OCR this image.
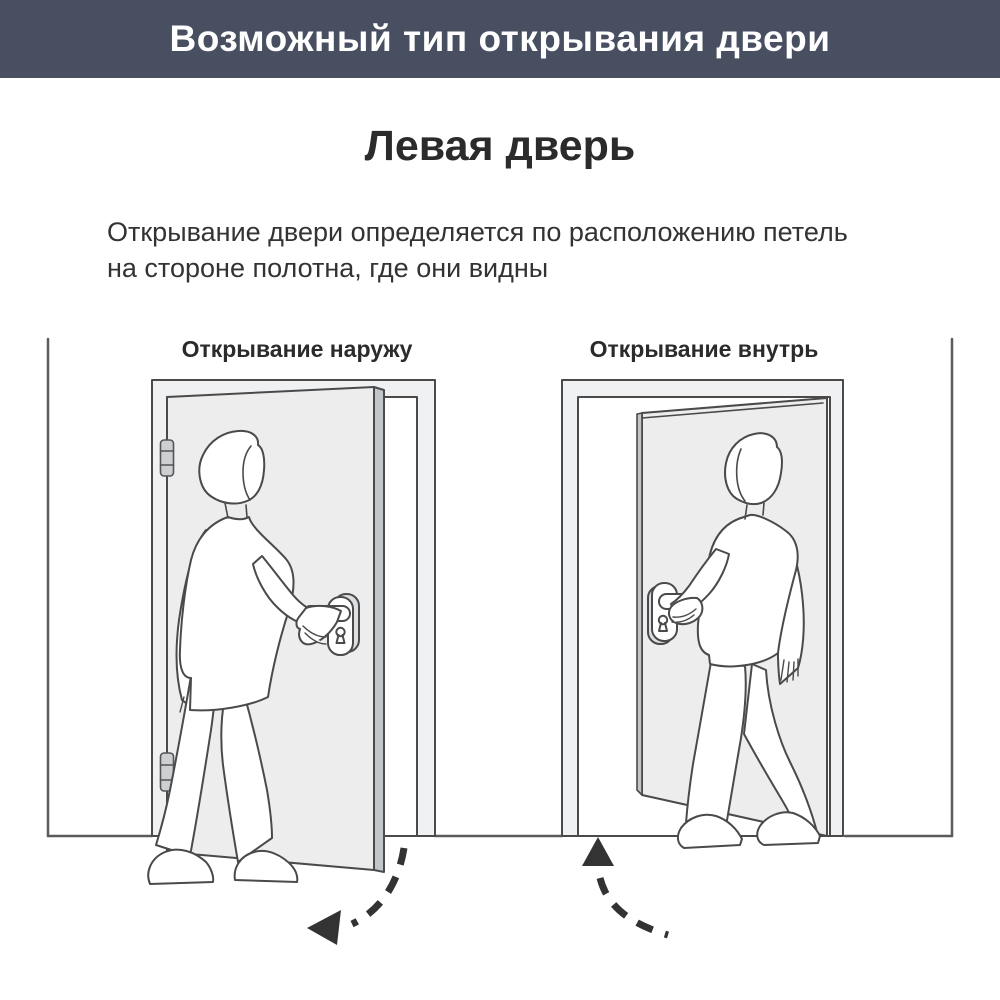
Возможный тип открывания двери
Левая дверь
Открывание двери определяется по расположению петель
на стороне полотна, где они видны
Открывание наружу	Открывание внутрь
